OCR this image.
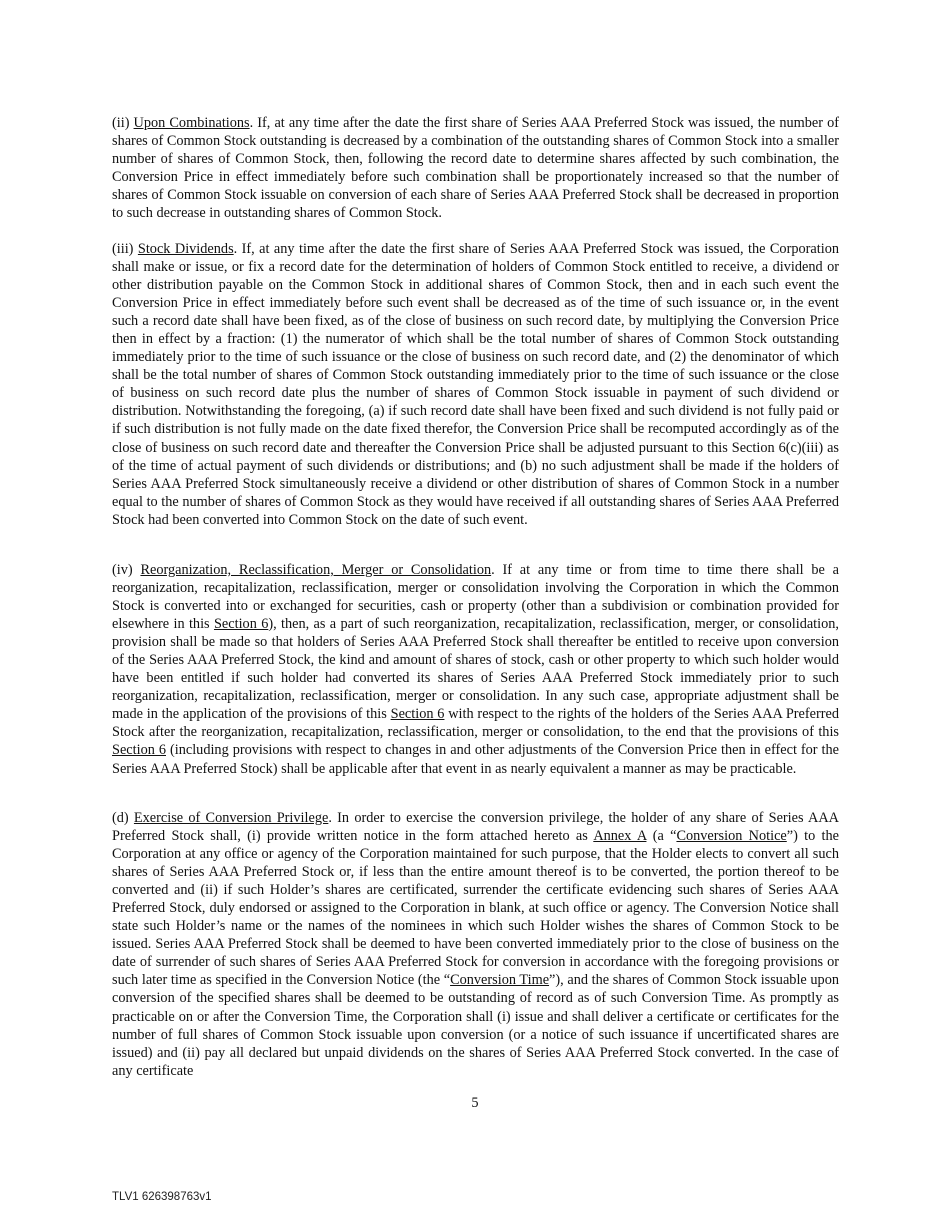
(ii) Upon Combinations. If, at any time after the date the first share of Series AAA Preferred Stock was issued, the number of shares of Common Stock outstanding is decreased by a combination of the outstanding shares of Common Stock into a smaller number of shares of Common Stock, then, following the record date to determine shares affected by such combination, the Conversion Price in effect immediately before such combination shall be proportionately increased so that the number of shares of Common Stock issuable on conversion of each share of Series AAA Preferred Stock shall be decreased in proportion to such decrease in outstanding shares of Common Stock.

(iii) Stock Dividends. If, at any time after the date the first share of Series AAA Preferred Stock was issued, the Corporation shall make or issue, or fix a record date for the determination of holders of Common Stock entitled to receive, a dividend or other distribution payable on the Common Stock in additional shares of Common Stock, then and in each such event the Conversion Price in effect immediately before such event shall be decreased as of the time of such issuance or, in the event such a record date shall have been fixed, as of the close of business on such record date, by multiplying the Conversion Price then in effect by a fraction: (1) the numerator of which shall be the total number of shares of Common Stock outstanding immediately prior to the time of such issuance or the close of business on such record date, and (2) the denominator of which shall be the total number of shares of Common Stock outstanding immediately prior to the time of such issuance or the close of business on such record date plus the number of shares of Common Stock issuable in payment of such dividend or distribution. Notwithstanding the foregoing, (a) if such record date shall have been fixed and such dividend is not fully paid or if such distribution is not fully made on the date fixed therefor, the Conversion Price shall be recomputed accordingly as of the close of business on such record date and thereafter the Conversion Price shall be adjusted pursuant to this Section 6(c)(iii) as of the time of actual payment of such dividends or distributions; and (b) no such adjustment shall be made if the holders of Series AAA Preferred Stock simultaneously receive a dividend or other distribution of shares of Common Stock in a number equal to the number of shares of Common Stock as they would have received if all outstanding shares of Series AAA Preferred Stock had been converted into Common Stock on the date of such event.

(iv) Reorganization, Reclassification, Merger or Consolidation. If at any time or from time to time there shall be a reorganization, recapitalization, reclassification, merger or consolidation involving the Corporation in which the Common Stock is converted into or exchanged for securities, cash or property (other than a subdivision or combination provided for elsewhere in this Section 6), then, as a part of such reorganization, recapitalization, reclassification, merger, or consolidation, provision shall be made so that holders of Series AAA Preferred Stock shall thereafter be entitled to receive upon conversion of the Series AAA Preferred Stock, the kind and amount of shares of stock, cash or other property to which such holder would have been entitled if such holder had converted its shares of Series AAA Preferred Stock immediately prior to such reorganization, recapitalization, reclassification, merger or consolidation. In any such case, appropriate adjustment shall be made in the application of the provisions of this Section 6 with respect to the rights of the holders of the Series AAA Preferred Stock after the reorganization, recapitalization, reclassification, merger or consolidation, to the end that the provisions of this Section 6 (including provisions with respect to changes in and other adjustments of the Conversion Price then in effect for the Series AAA Preferred Stock) shall be applicable after that event in as nearly equivalent a manner as may be practicable.

(d) Exercise of Conversion Privilege. In order to exercise the conversion privilege, the holder of any share of Series AAA Preferred Stock shall, (i) provide written notice in the form attached hereto as Annex A (a “Conversion Notice”) to the Corporation at any office or agency of the Corporation maintained for such purpose, that the Holder elects to convert all such shares of Series AAA Preferred Stock or, if less than the entire amount thereof is to be converted, the portion thereof to be converted and (ii) if such Holder’s shares are certificated, surrender the certificate evidencing such shares of Series AAA Preferred Stock, duly endorsed or assigned to the Corporation in blank, at such office or agency. The Conversion Notice shall state such Holder’s name or the names of the nominees in which such Holder wishes the shares of Common Stock to be issued. Series AAA Preferred Stock shall be deemed to have been converted immediately prior to the close of business on the date of surrender of such shares of Series AAA Preferred Stock for conversion in accordance with the foregoing provisions or such later time as specified in the Conversion Notice (the “Conversion Time”), and the shares of Common Stock issuable upon conversion of the specified shares shall be deemed to be outstanding of record as of such Conversion Time. As promptly as practicable on or after the Conversion Time, the Corporation shall (i) issue and shall deliver a certificate or certificates for the number of full shares of Common Stock issuable upon conversion (or a notice of such issuance if uncertificated shares are issued) and (ii) pay all declared but unpaid dividends on the shares of Series AAA Preferred Stock converted. In the case of any certificate

5
TLV1 626398763v1
